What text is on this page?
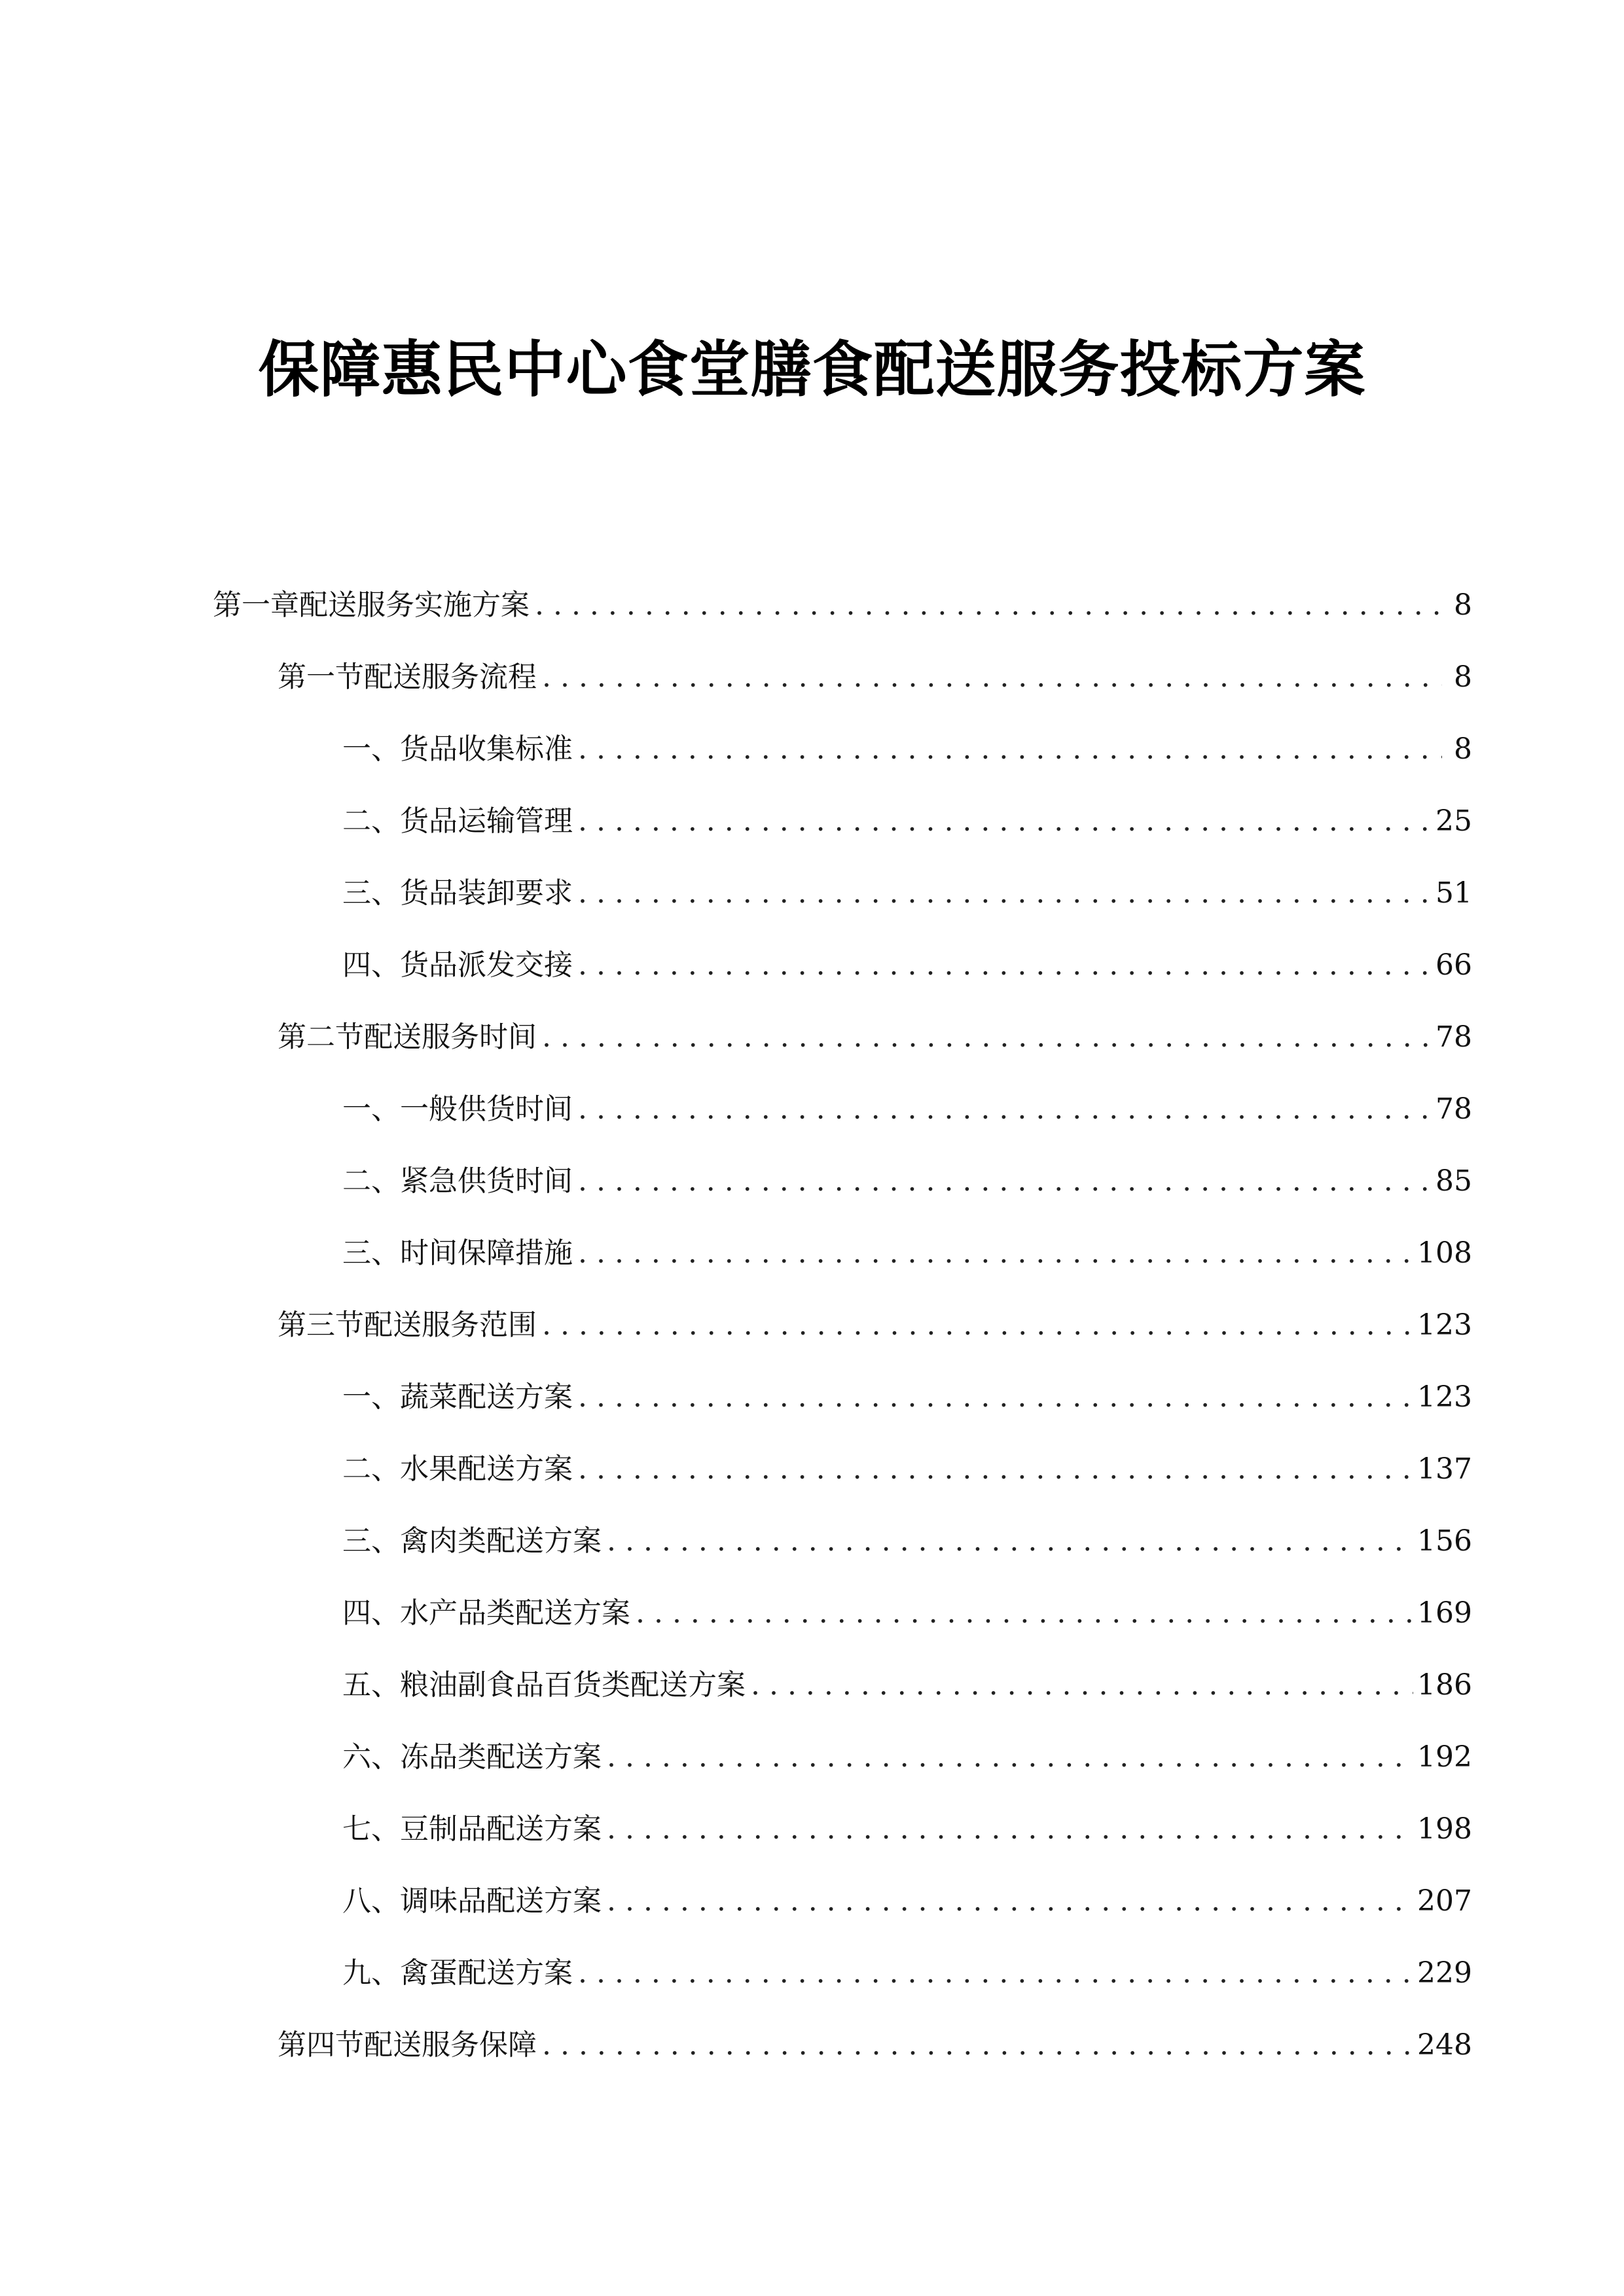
保障惠民中心食堂膳食配送服务投标方案
第一章 配送服务实施方案 . . .	8
第一节 配送服务流程 . . .	8
一、 货品收集标准 . . .	8
二、 货品运输管理 . . .	25
三、 货品装卸要求 . . .	51
四、 货品派发交接 . . .	66
第二节 配送服务时间 . . .	78
一、 一般供货时间 . . .	78
二、 紧急供货时间 . . .	85
三、 时间保障措施 . . .	108
第三节 配送服务范围 . . .	123
一、 蔬菜配送方案 . . .	123
二、 水果配送方案 . . .	137
三、 禽肉类配送方案 . . .	156
四、 水产品类配送方案 . . .	169
五、 粮油副食品百货类配送方案 . . .	186
六、 冻品类配送方案 . . .	192
七、 豆制品配送方案 . . .	198
八、 调味品配送方案 . . .	207
九、 禽蛋配送方案 . . .	229
第四节 配送服务保障 . . .	248
